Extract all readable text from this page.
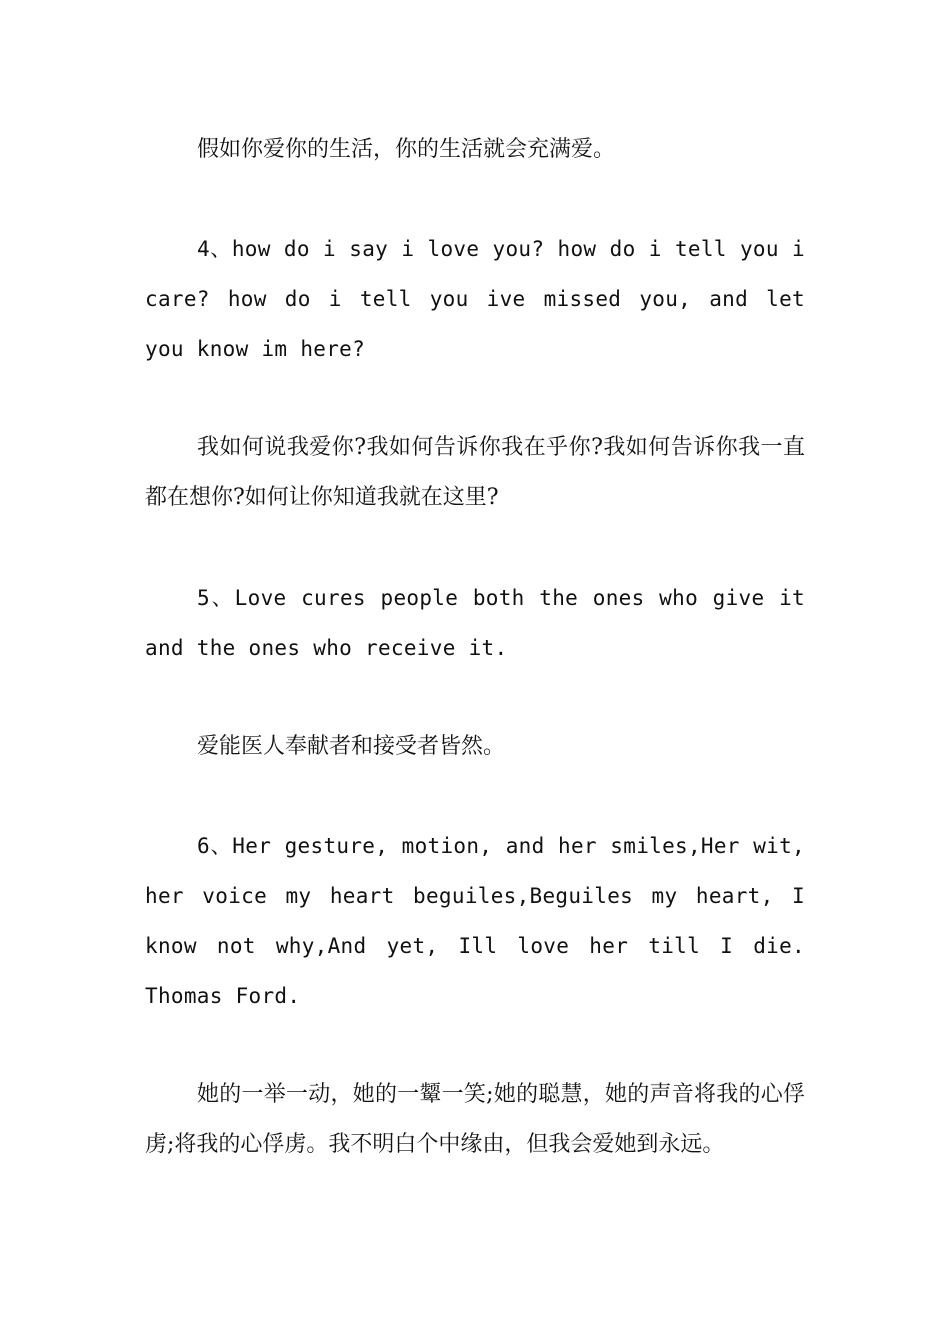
假如你爱你的生活，你的生活就会充满爱。

4、how do i say i love you? how do i tell you i care? how do i tell you ive missed you, and let you know im here?

我如何说我爱你?我如何告诉你我在乎你?我如何告诉你我一直都在想你?如何让你知道我就在这里?

5、Love cures people both the ones who give it and the ones who receive it.

爱能医人奉献者和接受者皆然。

6、Her gesture, motion, and her smiles,Her wit, her voice my heart beguiles,Beguiles my heart, I know not why,And yet, Ill love her till I die. Thomas Ford.

她的一举一动，她的一颦一笑;她的聪慧，她的声音将我的心俘虏;将我的心俘虏。我不明白个中缘由，但我会爱她到永远。
